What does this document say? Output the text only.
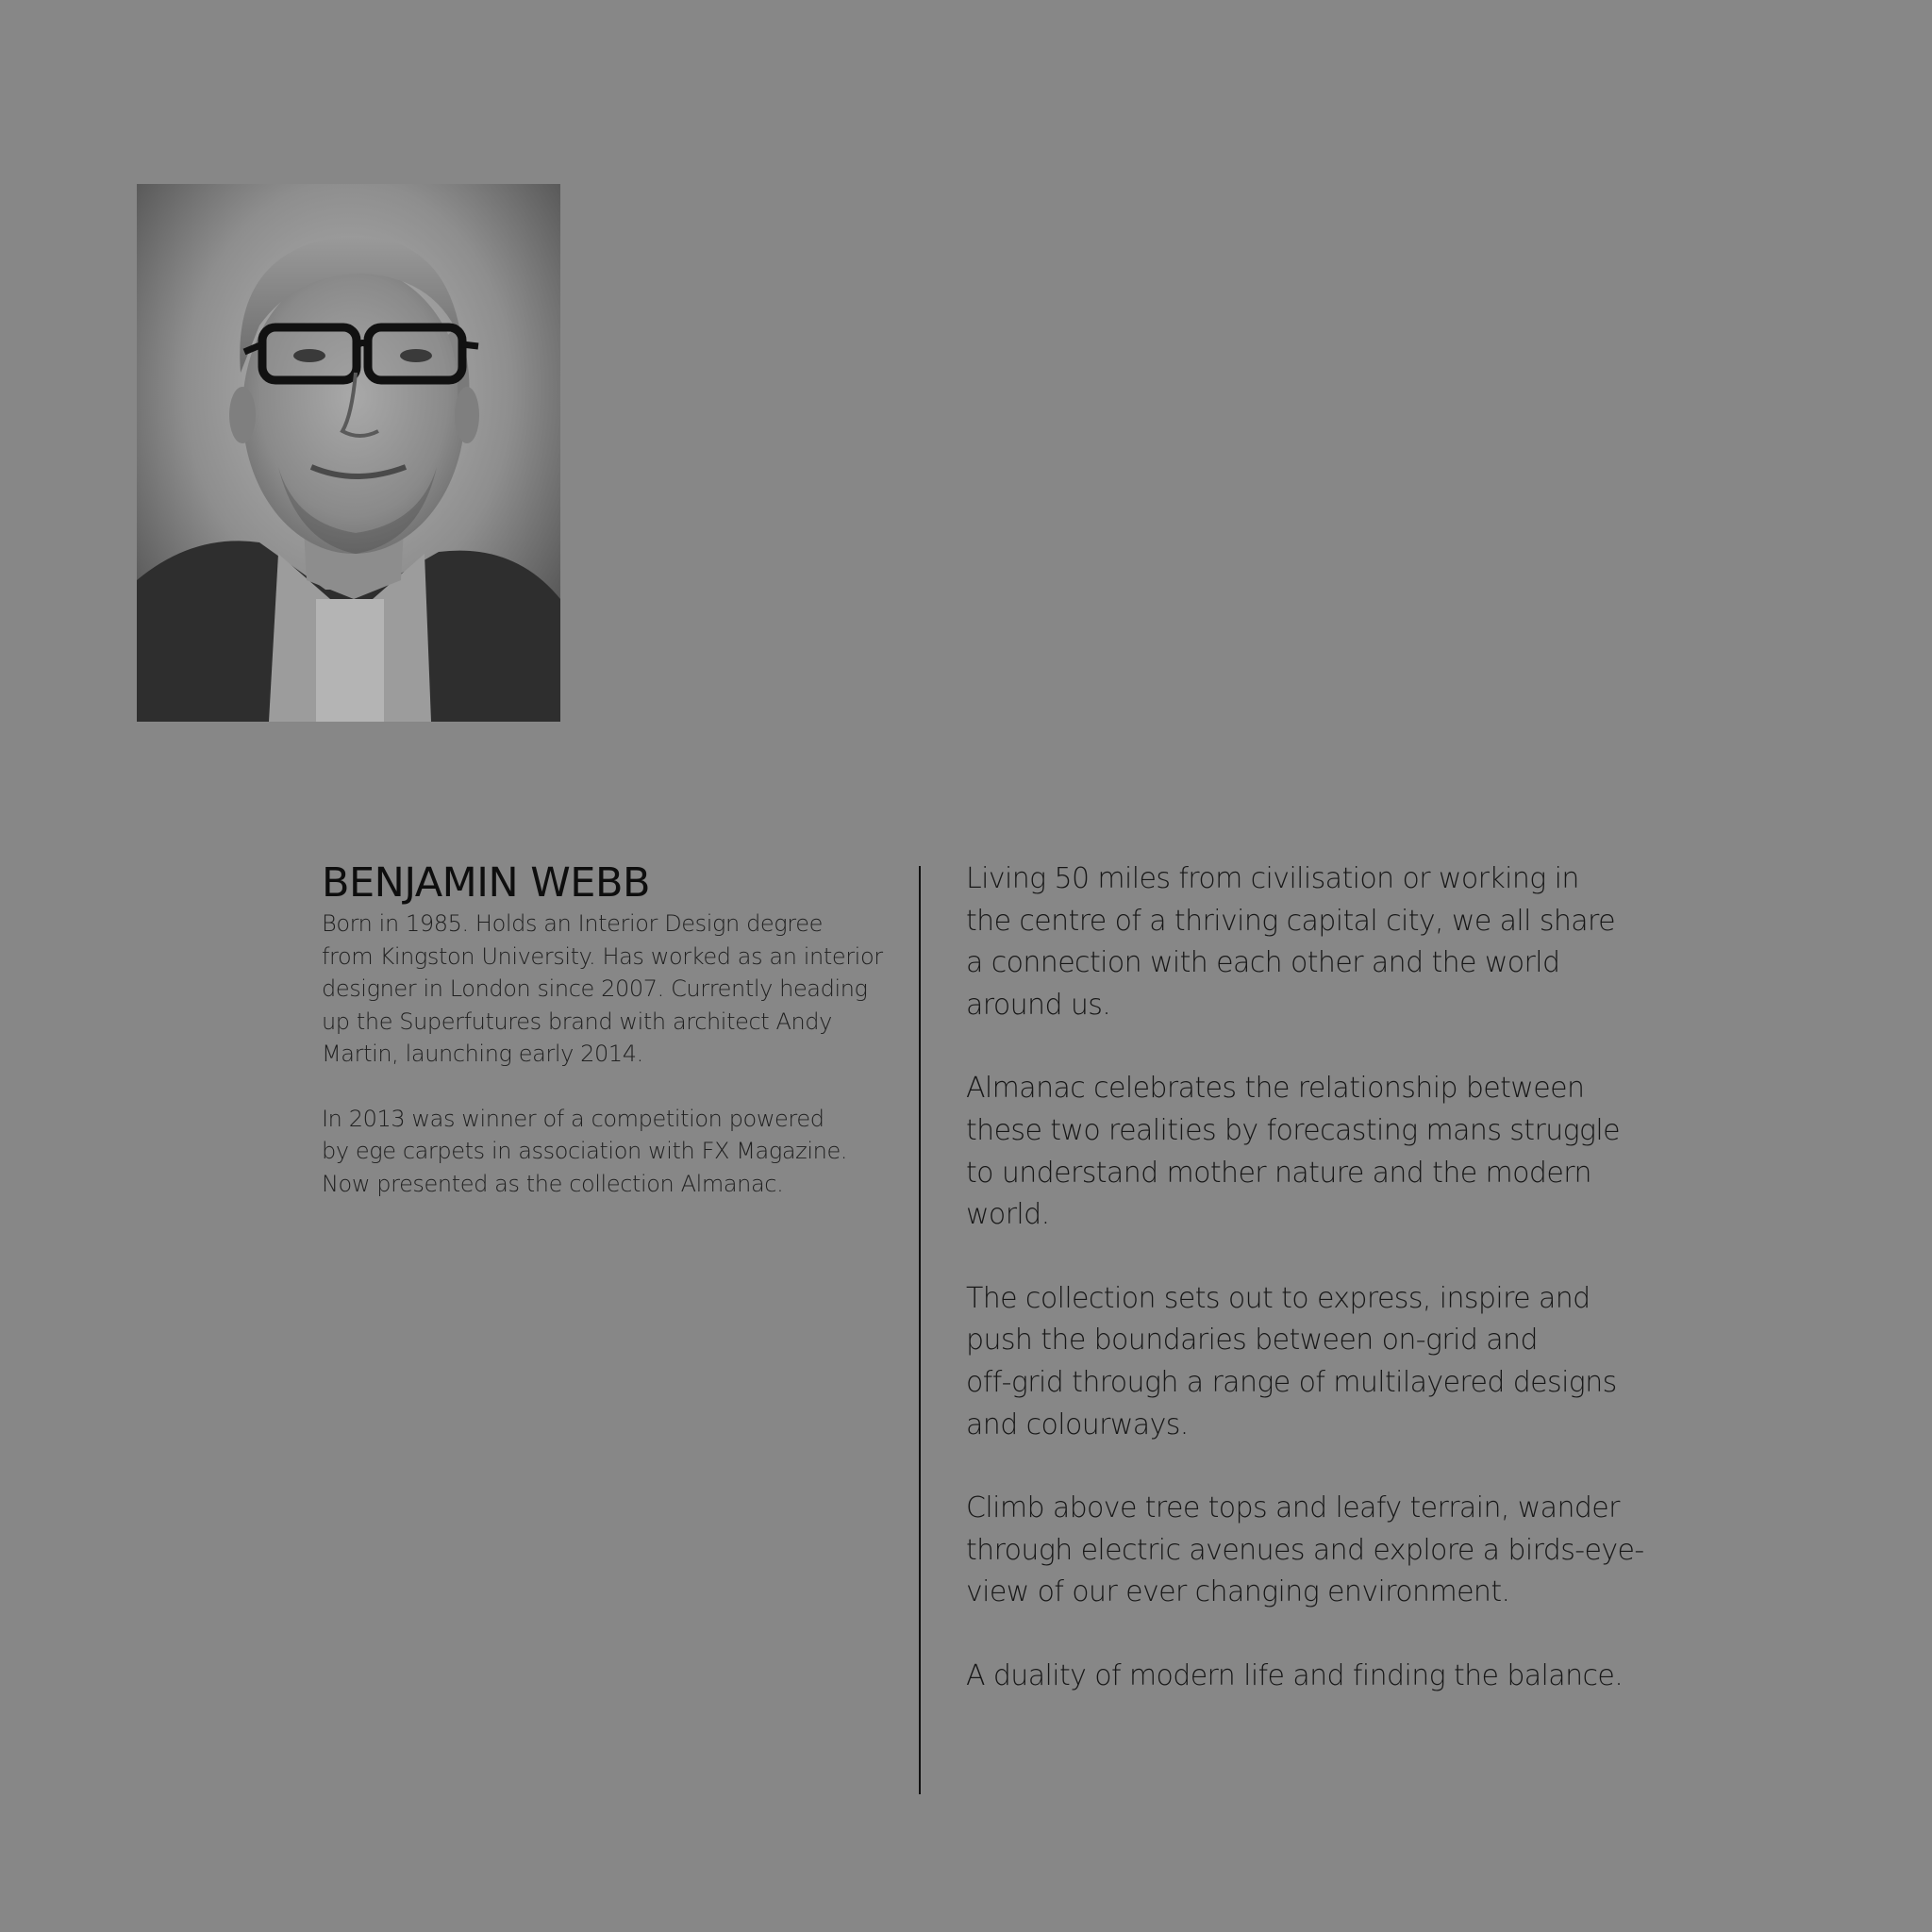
BENJAMIN WEBB

Born in 1985. Holds an Interior Design degree
from Kingston University. Has worked as an interior
designer in London since 2007. Currently heading
up the Superfutures brand with architect Andy
Martin, launching early 2014.

In 2013 was winner of a competition powered
by ege carpets in association with FX Magazine.
Now presented as the collection Almanac.

Living 50 miles from civilisation or working in
the centre of a thriving capital city, we all share
a connection with each other and the world
around us.

Almanac celebrates the relationship between
these two realities by forecasting mans struggle
to understand mother nature and the modern
world.

The collection sets out to express, inspire and
push the boundaries between on-grid and
off-grid through a range of multilayered designs
and colourways.

Climb above tree tops and leafy terrain, wander
through electric avenues and explore a birds-eye-
view of our ever changing environment.

A duality of modern life and finding the balance.
